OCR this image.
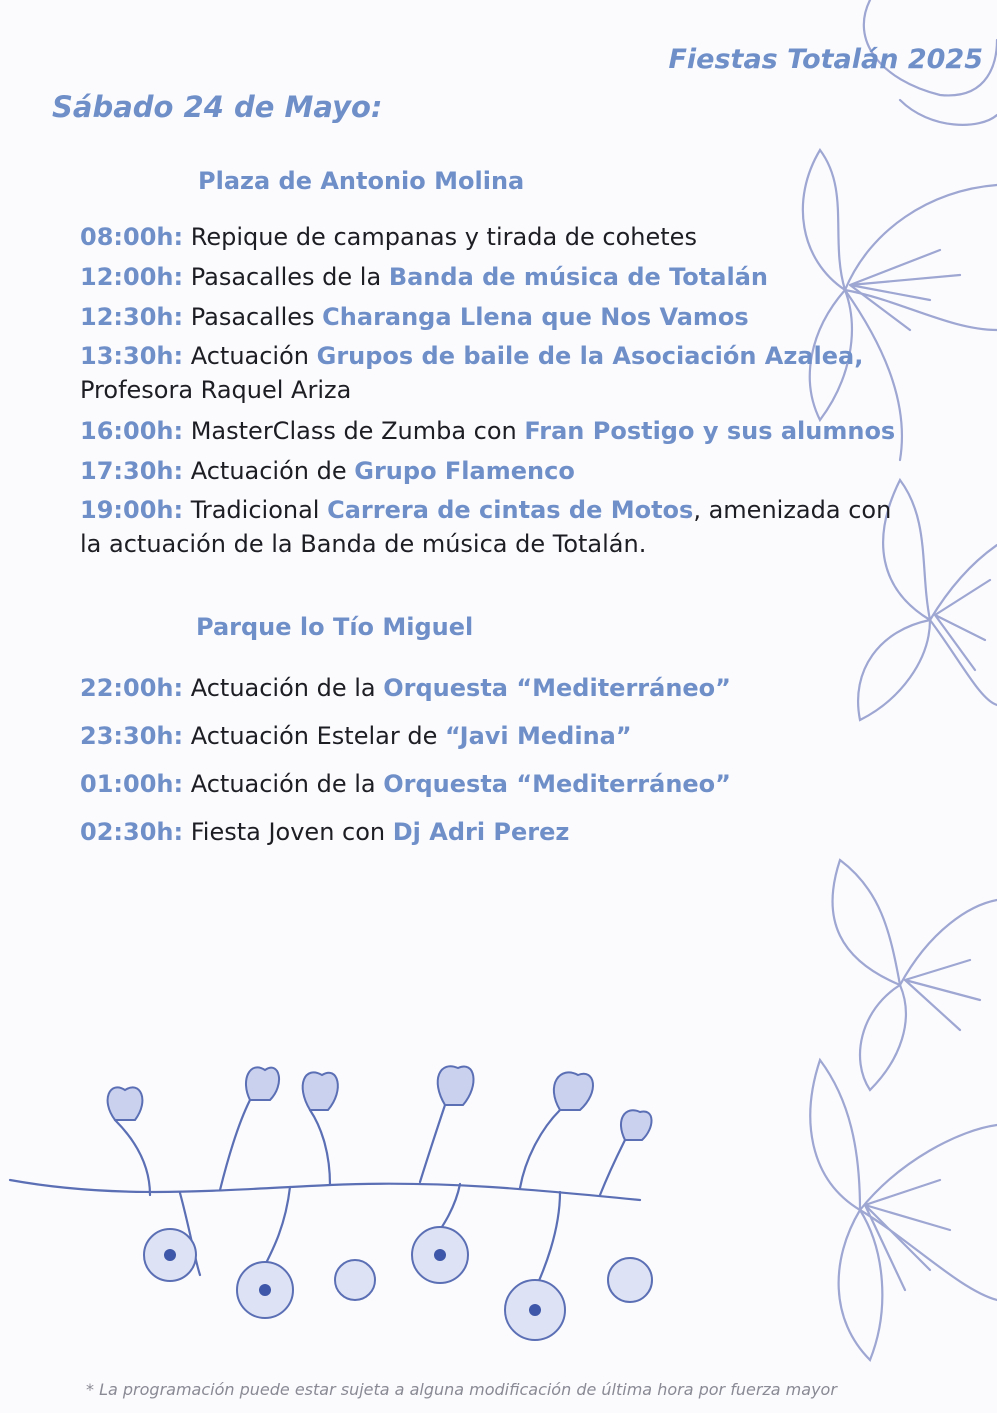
Fiestas Totalán 2025
Sábado 24 de Mayo:
Plaza de Antonio Molina
08:00h: Repique de campanas y tirada de cohetes
12:00h: Pasacalles de la Banda de música de Totalán
12:30h: Pasacalles Charanga Llena que Nos Vamos
13:30h: Actuación Grupos de baile de la Asociación Azalea, Profesora Raquel Ariza
16:00h: MasterClass de Zumba con Fran Postigo y sus alumnos
17:30h: Actuación de Grupo Flamenco
19:00h: Tradicional Carrera de cintas de Motos, amenizada con la actuación de la Banda de música de Totalán.
Parque lo Tío Miguel
22:00h: Actuación de la Orquesta “Mediterráneo”
23:30h: Actuación Estelar de “Javi Medina”
01:00h: Actuación de la Orquesta “Mediterráneo”
02:30h: Fiesta Joven con Dj Adri Perez
* La programación puede estar sujeta a alguna modificación de última hora por fuerza mayor
